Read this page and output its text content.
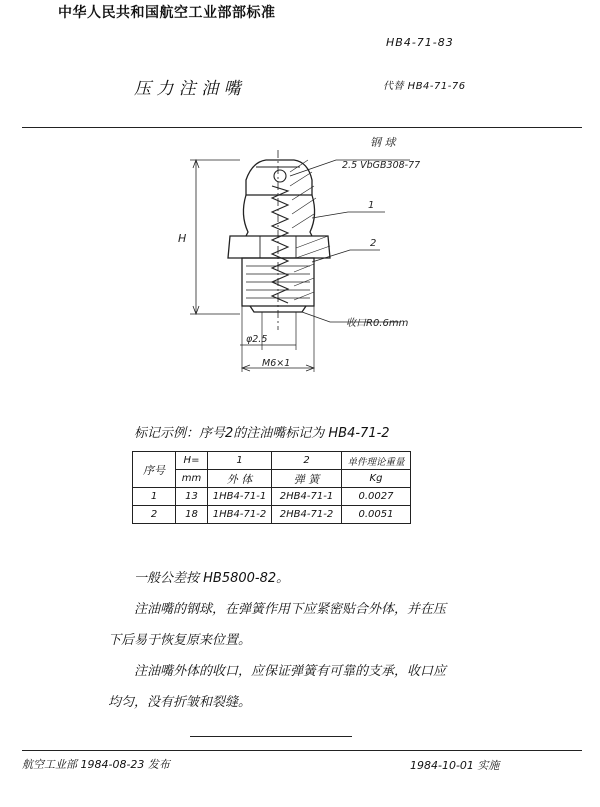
中华人民共和国航空工业部部标准
HB4-71-83
压 力 注 油 嘴	代替 HB4-71-76
钢 球
2.5 VbGB308-77
1
2
H
收口R0.6mm
φ2.5
M6×1
标记示例：序号2的注油嘴标记为 HB4-71-2
序号	H=	1	2	单件理论重量
	mm	外 体	弹 簧	Kg
1	13	1HB4-71-1	2HB4-71-1	0.0027
2	18	1HB4-71-2	2HB4-71-2	0.0051
一般公差按 HB5800-82。
注油嘴的钢球，在弹簧作用下应紧密贴合外体，并在压
下后易于恢复原来位置。
注油嘴外体的收口，应保证弹簧有可靠的支承，收口应
均匀，没有折皱和裂缝。
航空工业部 1984-08-23 发布	1984-10-01 实施
